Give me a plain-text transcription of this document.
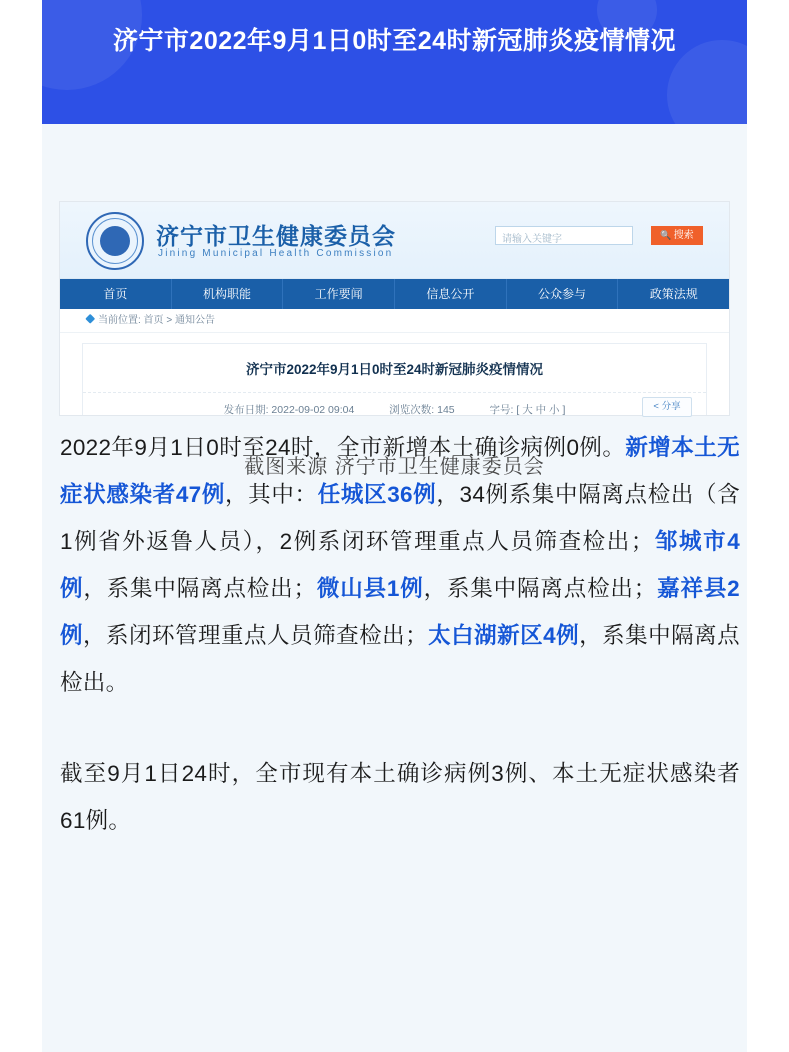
济宁市2022年9月1日0时至24时新冠肺炎疫情情况
济宁市卫生健康委员会
Jining Municipal Health Commission
请输入关键字	🔍 搜索
首页	机构职能	工作要闻	信息公开	公众参与	政策法规
当前位置: 首页 > 通知公告
济宁市2022年9月1日0时至24时新冠肺炎疫情情况
发布日期: 2022-09-02 09:04	浏览次数: 145	字号: [ 大 中 小 ]	< 分享
截图来源 济宁市卫生健康委员会

2022年9月1日0时至24时，全市新增本土确诊病例0例。新增本土无症状感染者47例，其中：任城区36例，34例系集中隔离点检出（含1例省外返鲁人员），2例系闭环管理重点人员筛查检出；邹城市4例，系集中隔离点检出；微山县1例，系集中隔离点检出；嘉祥县2例，系闭环管理重点人员筛查检出；太白湖新区4例，系集中隔离点检出。

截至9月1日24时，全市现有本土确诊病例3例、本土无症状感染者61例。
